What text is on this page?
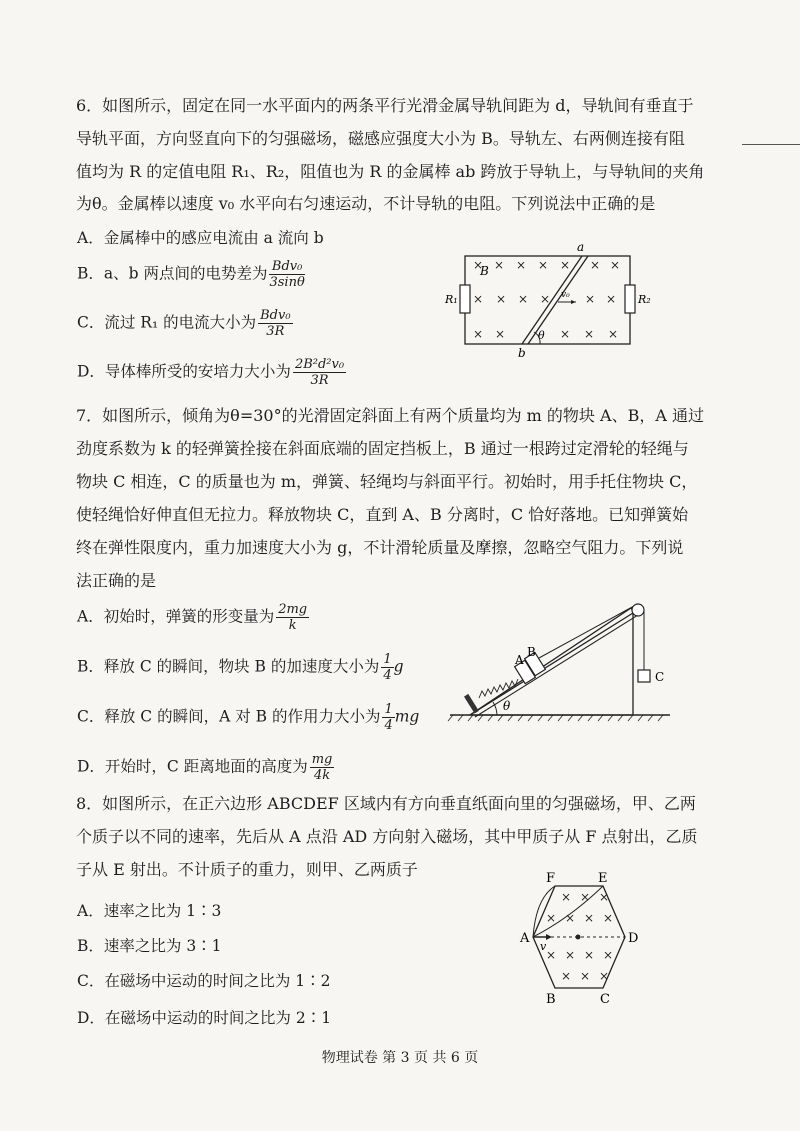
6．如图所示，固定在同一水平面内的两条平行光滑金属导轨间距为 d，导轨间有垂直于
导轨平面，方向竖直向下的匀强磁场，磁感应强度大小为 B。导轨左、右两侧连接有阻
值均为 R 的定值电阻 R₁、R₂，阻值也为 R 的金属棒 ab 跨放于导轨上，与导轨间的夹角
为θ。金属棒以速度 v₀ 水平向右匀速运动，不计导轨的电阻。下列说法中正确的是
A．金属棒中的感应电流由 a 流向 b
B．a、b 两点间的电势差为 $\frac{\text{Bdv₀}}{3\sin\theta}$
C．流过 R₁ 的电流大小为 $\frac{\text{Bdv₀}}{3R}$
D．导体棒所受的安培力大小为 $\frac{\text{2B²d²v₀}}{3R}$
× × × × × × ×
× × × ×	× ×
× ×	× × ×
B
R₁	R₂
a
b
v₀
θ
7．如图所示，倾角为θ=30°的光滑固定斜面上有两个质量均为 m 的物块 A、B，A 通过
劲度系数为 k 的轻弹簧拴接在斜面底端的固定挡板上，B 通过一根跨过定滑轮的轻绳与
物块 C 相连，C 的质量也为 m，弹簧、轻绳均与斜面平行。初始时，用手托住物块 C，
使轻绳恰好伸直但无拉力。释放物块 C，直到 A、B 分离时，C 恰好落地。已知弹簧始
终在弹性限度内，重力加速度大小为 g，不计滑轮质量及摩擦，忽略空气阻力。下列说
法正确的是
A．初始时，弹簧的形变量为 $\frac{2mg}{k}$
B．释放 C 的瞬间，物块 B 的加速度大小为 $\frac{1}{4}$ g
C．释放 C 的瞬间，A 对 B 的作用力大小为 $\frac{1}{4}$ mg
D．开始时，C 距离地面的高度为 $\frac{mg}{4k}$
A
B
C
θ
8．如图所示，在正六边形 ABCDEF 区域内有方向垂直纸面向里的匀强磁场，甲、乙两
个质子以不同的速率，先后从 A 点沿 AD 方向射入磁场，其中甲质子从 F 点射出，乙质
子从 E 射出。不计质子的重力，则甲、乙两质子
A．速率之比为 1∶3
B．速率之比为 3∶1
C．在磁场中运动的时间之比为 1∶2
D．在磁场中运动的时间之比为 2∶1
× × ×
× × × ×
× × × ×
× × ×
A
B	C
D
E
F
v
物理试卷 第 3 页 共 6 页
